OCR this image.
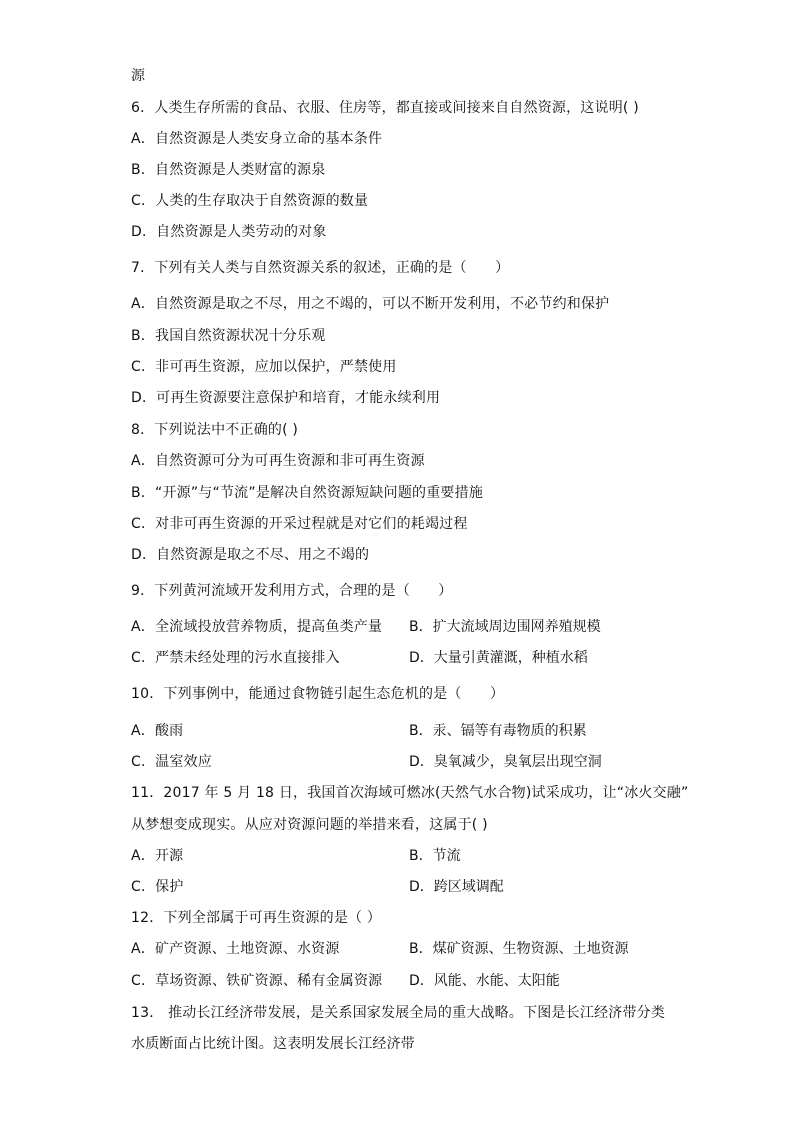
源
6．人类生存所需的食品、衣服、住房等，都直接或间接来自自然资源，这说明( )
A．自然资源是人类安身立命的基本条件
B．自然资源是人类财富的源泉
C．人类的生存取决于自然资源的数量
D．自然资源是人类劳动的对象
7．下列有关人类与自然资源关系的叙述，正确的是（　　）
A．自然资源是取之不尽，用之不竭的，可以不断开发利用，不必节约和保护
B．我国自然资源状况十分乐观
C．非可再生资源，应加以保护，严禁使用
D．可再生资源要注意保护和培育，才能永续利用
8．下列说法中不正确的( )
A．自然资源可分为可再生资源和非可再生资源
B．“开源”与“节流”是解决自然资源短缺问题的重要措施
C．对非可再生资源的开采过程就是对它们的耗竭过程
D．自然资源是取之不尽、用之不竭的
9．下列黄河流域开发利用方式，合理的是（　　）
A．全流域投放营养物质，提高鱼类产量 B．扩大流域周边围网养殖规模
C．严禁未经处理的污水直接排入	D．大量引黄灌溉，种植水稻
10．下列事例中，能通过食物链引起生态危机的是（　　）
A．酸雨	B．汞、镉等有毒物质的积累
C．温室效应	D．臭氧减少，臭氧层出现空洞
11．2017 年 5 月 18 日，我国首次海域可燃冰(天然气水合物)试采成功，让“冰火交融”
从梦想变成现实。从应对资源问题的举措来看，这属于( )
A．开源	B．节流
C．保护	D．跨区域调配
12．下列全部属于可再生资源的是（ ）
A．矿产资源、土地资源、水资源	B．煤矿资源、生物资源、土地资源
C．草场资源、铁矿资源、稀有金属资源 D．风能、水能、太阳能
13． 推动长江经济带发展，是关系国家发展全局的重大战略。下图是长江经济带分类
水质断面占比统计图。这表明发展长江经济带
